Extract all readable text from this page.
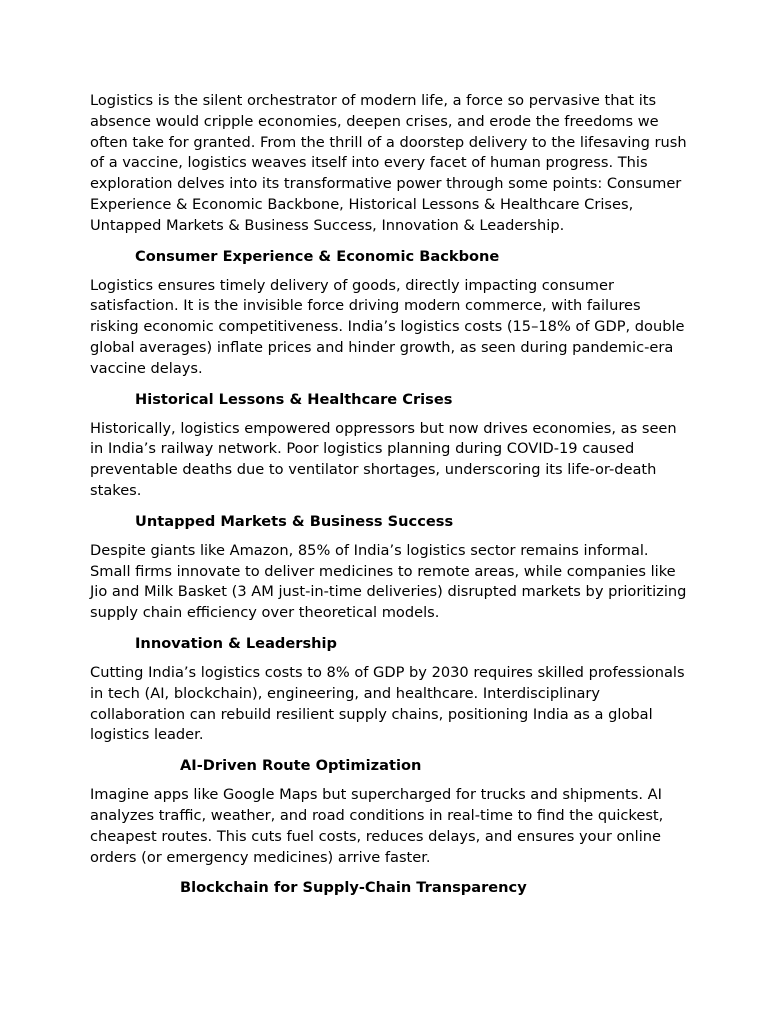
Logistics is the silent orchestrator of modern life, a force so pervasive that its absence would cripple economies, deepen crises, and erode the freedoms we often take for granted. From the thrill of a doorstep delivery to the lifesaving rush of a vaccine, logistics weaves itself into every facet of human progress. This exploration delves into its transformative power through some points: Consumer Experience & Economic Backbone, Historical Lessons & Healthcare Crises, Untapped Markets & Business Success, Innovation & Leadership.

Consumer Experience & Economic Backbone

Logistics ensures timely delivery of goods, directly impacting consumer satisfaction. It is the invisible force driving modern commerce, with failures risking economic competitiveness. India’s logistics costs (15–18% of GDP, double global averages) inflate prices and hinder growth, as seen during pandemic-era vaccine delays.

Historical Lessons & Healthcare Crises

Historically, logistics empowered oppressors but now drives economies, as seen in India’s railway network. Poor logistics planning during COVID-19 caused preventable deaths due to ventilator shortages, underscoring its life-or-death stakes.

Untapped Markets & Business Success

Despite giants like Amazon, 85% of India’s logistics sector remains informal. Small firms innovate to deliver medicines to remote areas, while companies like Jio and Milk Basket (3 AM just-in-time deliveries) disrupted markets by prioritizing supply chain efficiency over theoretical models.

Innovation & Leadership

Cutting India’s logistics costs to 8% of GDP by 2030 requires skilled professionals in tech (AI, blockchain), engineering, and healthcare. Interdisciplinary collaboration can rebuild resilient supply chains, positioning India as a global logistics leader.

AI-Driven Route Optimization

Imagine apps like Google Maps but supercharged for trucks and shipments. AI analyzes traffic, weather, and road conditions in real-time to find the quickest, cheapest routes. This cuts fuel costs, reduces delays, and ensures your online orders (or emergency medicines) arrive faster.

Blockchain for Supply-Chain Transparency
